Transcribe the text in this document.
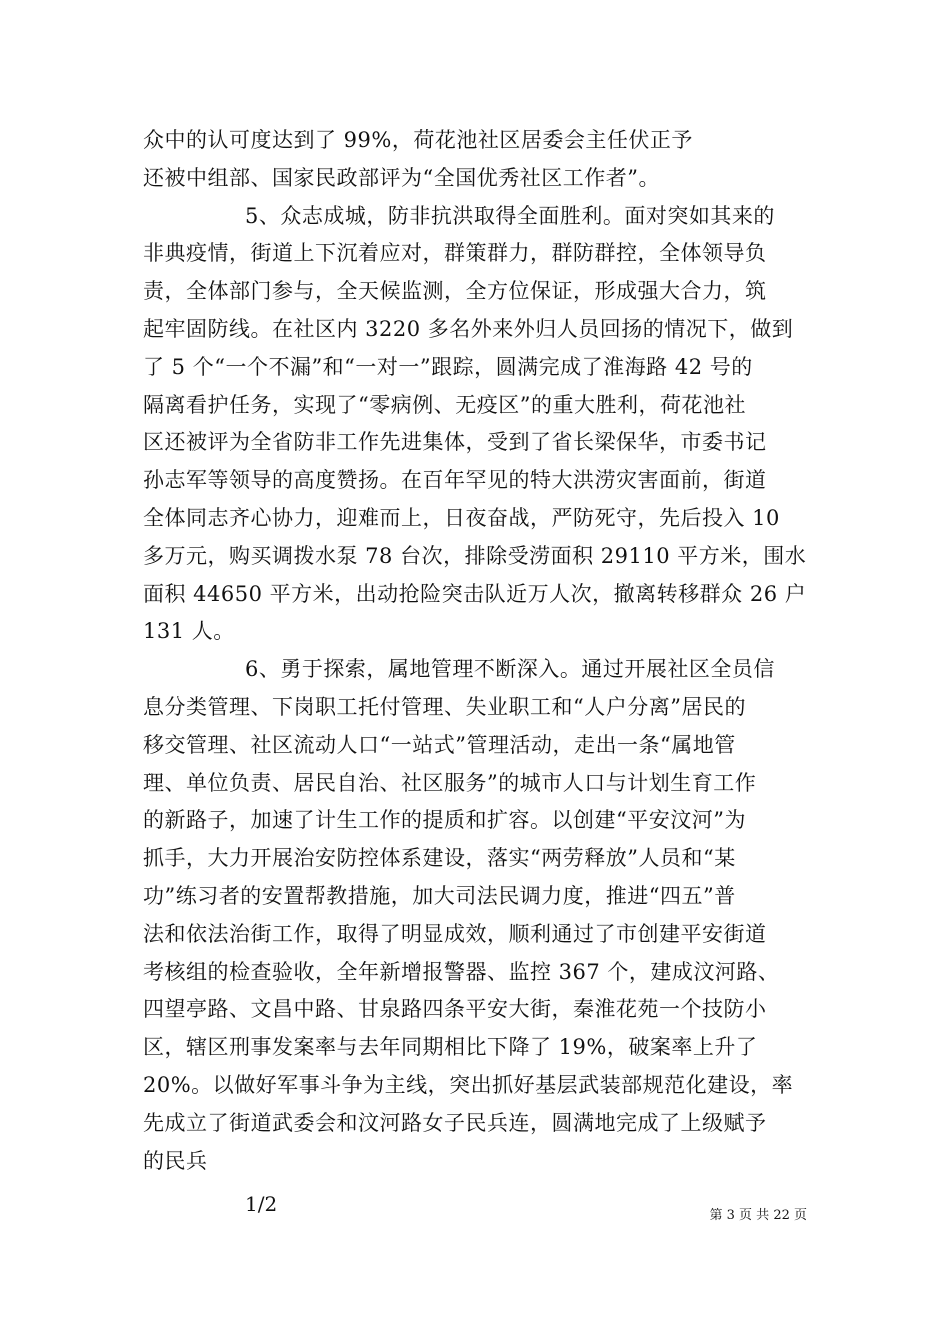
众中的认可度达到了 99%，荷花池社区居委会主任伏正予
还被中组部、国家民政部评为“全国优秀社区工作者”。
5、众志成城，防非抗洪取得全面胜利。面对突如其来的
非典疫情，街道上下沉着应对，群策群力，群防群控，全体领导负
责，全体部门参与，全天候监测，全方位保证，形成强大合力，筑
起牢固防线。在社区内 3220 多名外来外归人员回扬的情况下，做到
了 5 个“一个不漏”和“一对一”跟踪，圆满完成了淮海路 42 号的
隔离看护任务，实现了“零病例、无疫区”的重大胜利，荷花池社
区还被评为全省防非工作先进集体，受到了省长梁保华，市委书记
孙志军等领导的高度赞扬。在百年罕见的特大洪涝灾害面前，街道
全体同志齐心协力，迎难而上，日夜奋战，严防死守，先后投入 10
多万元，购买调拨水泵 78 台次，排除受涝面积 29110 平方米，围水
面积 44650 平方米，出动抢险突击队近万人次，撤离转移群众 26 户
131 人。
6、勇于探索，属地管理不断深入。通过开展社区全员信
息分类管理、下岗职工托付管理、失业职工和“人户分离”居民的
移交管理、社区流动人口“一站式”管理活动，走出一条“属地管
理、单位负责、居民自治、社区服务”的城市人口与计划生育工作
的新路子，加速了计生工作的提质和扩容。以创建“平安汶河”为
抓手，大力开展治安防控体系建设，落实“两劳释放”人员和“某
功”练习者的安置帮教措施，加大司法民调力度，推进“四五”普
法和依法治街工作，取得了明显成效，顺利通过了市创建平安街道
考核组的检查验收，全年新增报警器、监控 367 个，建成汶河路、
四望亭路、文昌中路、甘泉路四条平安大街，秦淮花苑一个技防小
区，辖区刑事发案率与去年同期相比下降了 19%，破案率上升了
20%。以做好军事斗争为主线，突出抓好基层武装部规范化建设，率
先成立了街道武委会和汶河路女子民兵连，圆满地完成了上级赋予
的民兵
1/2	第 3 页 共 22 页
